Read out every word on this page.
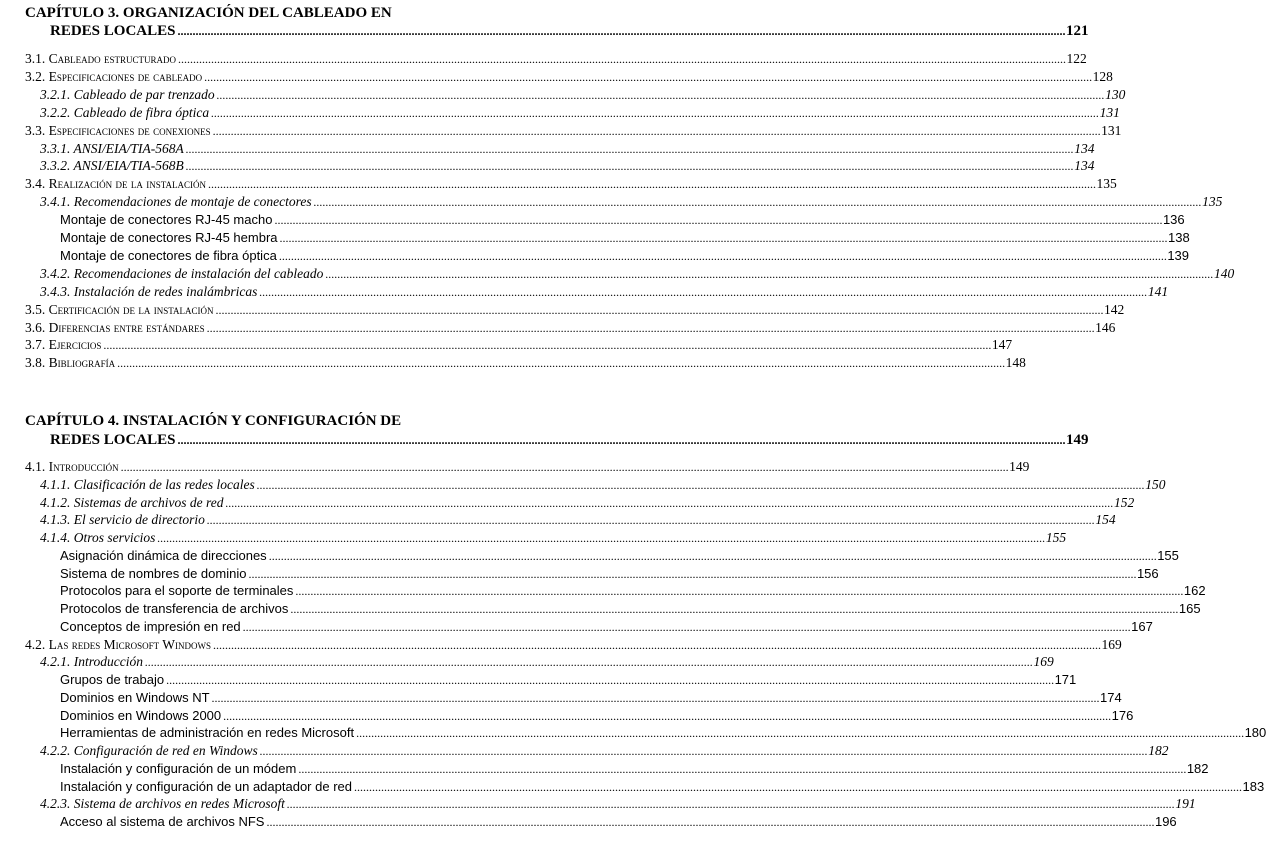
CAPÍTULO 3. ORGANIZACIÓN DEL CABLEADO EN
REDES LOCALES . . .	121
3.1. Cableado estructurado . . .	122
3.2. Especificaciones de cableado . . .	128
3.2.1. Cableado de par trenzado . . .	130
3.2.2. Cableado de fibra óptica . . .	131
3.3. Especificaciones de conexiones . . .	131
3.3.1. ANSI/EIA/TIA-568A . . .	134
3.3.2. ANSI/EIA/TIA-568B . . .	134
3.4. Realización de la instalación . . .	135
3.4.1. Recomendaciones de montaje de conectores . . .	135
Montaje de conectores RJ-45 macho . . .	136
Montaje de conectores RJ-45 hembra . . .	138
Montaje de conectores de fibra óptica . . .	139
3.4.2. Recomendaciones de instalación del cableado . . .	140
3.4.3. Instalación de redes inalámbricas . . .	141
3.5. Certificación de la instalación . . .	142
3.6. Diferencias entre estándares . . .	146
3.7. Ejercicios . . .	147
3.8. Bibliografía . . .	148
CAPÍTULO 4. INSTALACIÓN Y CONFIGURACIÓN DE
REDES LOCALES . . .	149
4.1. Introducción . . .	149
4.1.1. Clasificación de las redes locales . . .	150
4.1.2. Sistemas de archivos de red . . .	152
4.1.3. El servicio de directorio . . .	154
4.1.4. Otros servicios . . .	155
Asignación dinámica de direcciones . . .	155
Sistema de nombres de dominio . . .	156
Protocolos para el soporte de terminales . . .	162
Protocolos de transferencia de archivos . . .	165
Conceptos de impresión en red . . .	167
4.2. Las redes Microsoft Windows . . .	169
4.2.1. Introducción . . .	169
Grupos de trabajo . . .	171
Dominios en Windows NT . . .	174
Dominios en Windows 2000 . . .	176
Herramientas de administración en redes Microsoft . . .	180
4.2.2. Configuración de red en Windows . . .	182
Instalación y configuración de un módem . . .	182
Instalación y configuración de un adaptador de red . . .	183
4.2.3. Sistema de archivos en redes Microsoft . . .	191
Acceso al sistema de archivos NFS . . .	196
